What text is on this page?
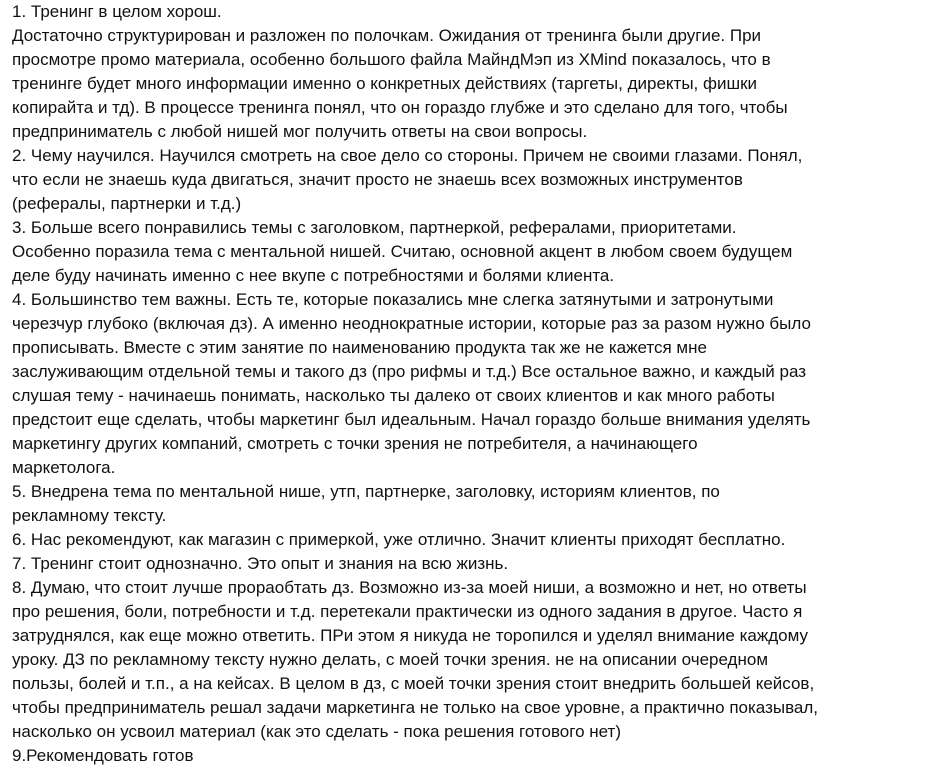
1. Тренинг в целом хорош.
Достаточно структурирован и разложен по полочкам. Ожидания от тренинга были другие. При
просмотре промо материала, особенно большого файла МайндМэп из XMind показалось, что в
тренинге будет много информации именно о конкретных действиях (таргеты, директы, фишки
копирайта и тд). В процессе тренинга понял, что он гораздо глубже и это сделано для того, чтобы
предприниматель с любой нишей мог получить ответы на свои вопросы.
2. Чему научился. Научился смотреть на свое дело со стороны. Причем не своими глазами. Понял,
что если не знаешь куда двигаться, значит просто не знаешь всех возможных инструментов
(рефералы, партнерки и т.д.)
3. Больше всего понравились темы с заголовком, партнеркой, рефералами, приоритетами.
Особенно поразила тема с ментальной нишей. Считаю, основной акцент в любом своем будущем
деле буду начинать именно с нее вкупе с потребностями и болями клиента.
4. Большинство тем важны. Есть те, которые показались мне слегка затянутыми и затронутыми
черезчур глубоко (включая дз). А именно неоднократные истории, которые раз за разом нужно было
прописывать. Вместе с этим занятие по наименованию продукта так же не кажется мне
заслуживающим отдельной темы и такого дз (про рифмы и т.д.) Все остальное важно, и каждый раз
слушая тему - начинаешь понимать, насколько ты далеко от своих клиентов и как много работы
предстоит еще сделать, чтобы маркетинг был идеальным. Начал гораздо больше внимания уделять
маркетингу других компаний, смотреть с точки зрения не потребителя, а начинающего
маркетолога.
5. Внедрена тема по ментальной нише, утп, партнерке, заголовку, историям клиентов, по
рекламному тексту.
6. Нас рекомендуют, как магазин с примеркой, уже отлично. Значит клиенты приходят бесплатно.
7. Тренинг стоит однозначно. Это опыт и знания на всю жизнь.
8. Думаю, что стоит лучше прораобтать дз. Возможно из-за моей ниши, а возможно и нет, но ответы
про решения, боли, потребности и т.д. перетекали практически из одного задания в другое. Часто я
затруднялся, как еще можно ответить. ПРи этом я никуда не торопился и уделял внимание каждому
уроку. ДЗ по рекламному тексту нужно делать, с моей точки зрения. не на описании очередном
пользы, болей и т.п., а на кейсах. В целом в дз, с моей точки зрения стоит внедрить большей кейсов,
чтобы предприниматель решал задачи маркетинга не только на свое уровне, а практично показывал,
насколько он усвоил материал (как это сделать - пока решения готового нет)
9.Рекомендовать готов
